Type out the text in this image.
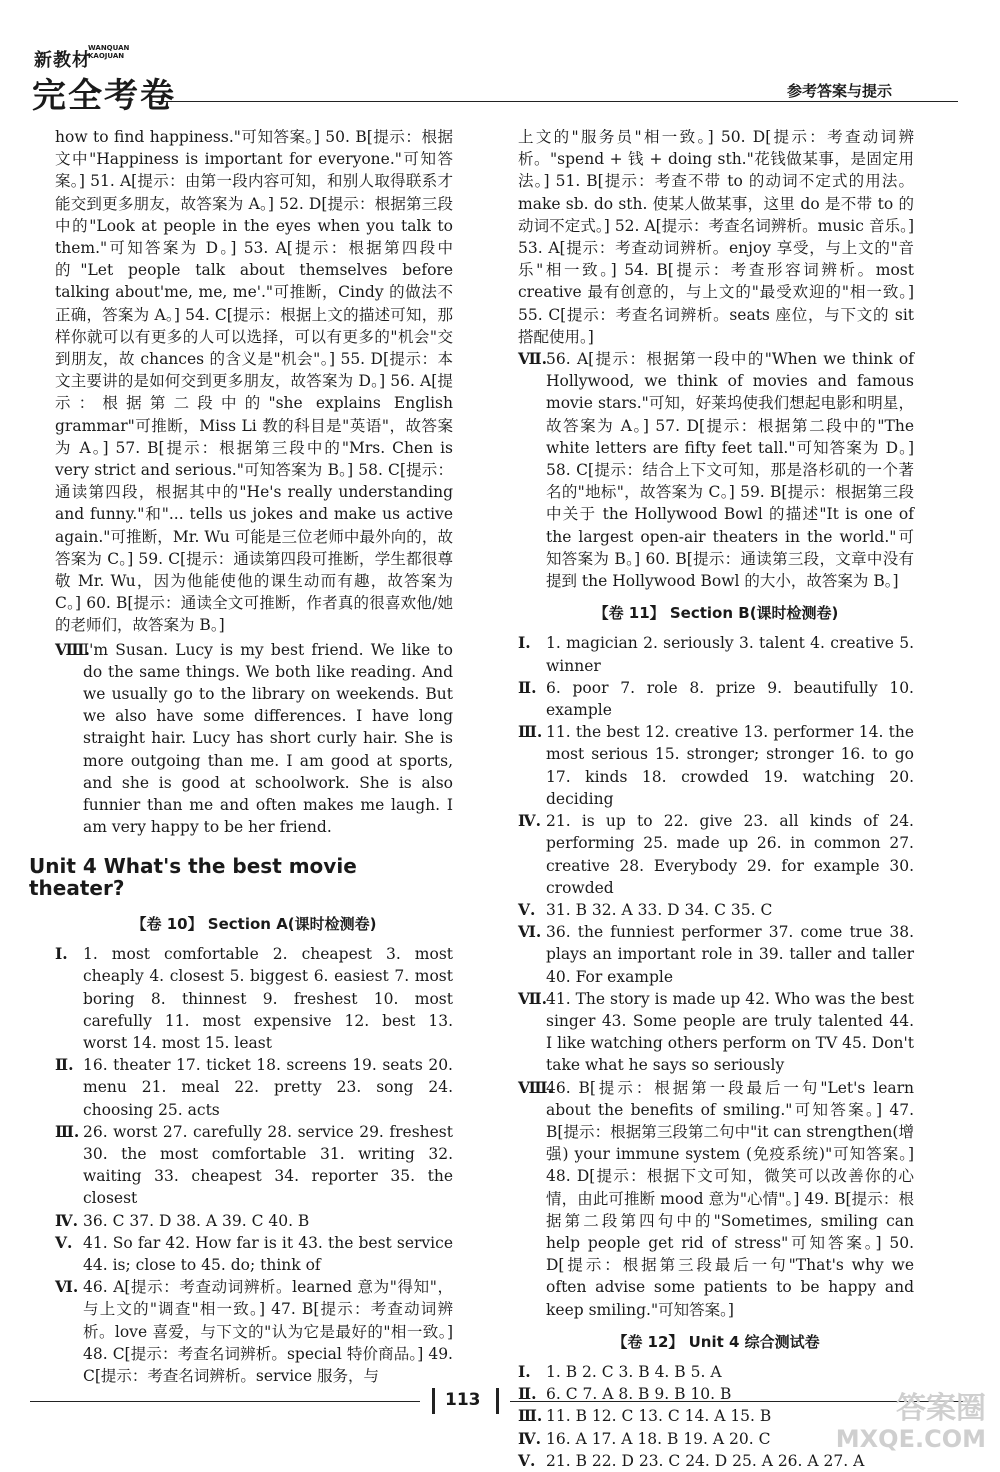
新教材
WANQUAN KAOJUAN
完全考卷	参考答案与提示

how to find happiness."可知答案。] 50. B[提示：根据文中"Happiness is important for everyone."可知答案。] 51. A[提示：由第一段内容可知，和别人取得联系才能交到更多朋友，故答案为 A。] 52. D[提示：根据第三段中的"Look at people in the eyes when you talk to them."可知答案为 D。] 53. A[提示：根据第四段中的"Let people talk about themselves before talking about'me, me, me'."可推断，Cindy 的做法不正确，答案为 A。] 54. C[提示：根据上文的描述可知，那样你就可以有更多的人可以选择，可以有更多的"机会"交到朋友，故 chances 的含义是"机会"。] 55. D[提示：本文主要讲的是如何交到更多朋友，故答案为 D。] 56. A[提示：根据第二段中的"she explains English grammar"可推断，Miss Li 教的科目是"英语"，故答案为 A。] 57. B[提示：根据第三段中的"Mrs. Chen is very strict and serious."可知答案为 B。] 58. C[提示：通读第四段，根据其中的"He's really understanding and funny."和"... tells us jokes and make us active again."可推断，Mr. Wu 可能是三位老师中最外向的，故答案为 C。] 59. C[提示：通读第四段可推断，学生都很尊敬 Mr. Wu，因为他能使他的课生动而有趣，故答案为 C。] 60. B[提示：通读全文可推断，作者真的很喜欢他/她的老师们，故答案为 B。]

Ⅷ.I'm Susan. Lucy is my best friend. We like to do the same things. We both like reading. And we usually go to the library on weekends. But we also have some differences. I have long straight hair. Lucy has short curly hair. She is more outgoing than me. I am good at sports, and she is good at schoolwork. She is also funnier than me and often makes me laugh. I am very happy to be her friend.

Unit 4 What's the best movie theater?
【卷 10】 Section A(课时检测卷)

Ⅰ. 1. most comfortable 2. cheapest 3. most cheaply 4. closest 5. biggest 6. easiest 7. most boring 8. thinnest 9. freshest 10. most carefully 11. most expensive 12. best 13. worst 14. most 15. least

Ⅱ. 16. theater 17. ticket 18. screens 19. seats 20. menu 21. meal 22. pretty 23. song 24. choosing 25. acts

Ⅲ. 26. worst 27. carefully 28. service 29. freshest 30. the most comfortable 31. writing 32. waiting 33. cheapest 34. reporter 35. the closest

Ⅳ. 36. C 37. D 38. A 39. C 40. B

Ⅴ. 41. So far 42. How far is it 43. the best service 44. is; close to 45. do; think of

Ⅵ. 46. A[提示：考查动词辨析。learned 意为"得知"，与上文的"调查"相一致。] 47. B[提示：考查动词辨析。love 喜爱，与下文的"认为它是最好的"相一致。] 48. C[提示：考查名词辨析。special 特价商品。] 49. C[提示：考查名词辨析。service 服务，与

上文的"服务员"相一致。] 50. D[提示：考查动词辨析。"spend + 钱 + doing sth."花钱做某事，是固定用法。] 51. B[提示：考查不带 to 的动词不定式的用法。make sb. do sth. 使某人做某事，这里 do 是不带 to 的动词不定式。] 52. A[提示：考查名词辨析。music 音乐。] 53. A[提示：考查动词辨析。enjoy 享受，与上文的"音乐"相一致。] 54. B[提示：考查形容词辨析。most creative 最有创意的，与上文的"最受欢迎的"相一致。] 55. C[提示：考查名词辨析。seats 座位，与下文的 sit 搭配使用。]

Ⅶ.56. A[提示：根据第一段中的"When we think of Hollywood, we think of movies and famous movie stars."可知，好莱坞使我们想起电影和明星，故答案为 A。] 57. D[提示：根据第二段中的"The white letters are fifty feet tall."可知答案为 D。] 58. C[提示：结合上下文可知，那是洛杉矶的一个著名的"地标"，故答案为 C。] 59. B[提示：根据第三段中关于 the Hollywood Bowl 的描述"It is one of the largest open-air theaters in the world."可知答案为 B。] 60. B[提示：通读第三段，文章中没有提到 the Hollywood Bowl 的大小，故答案为 B。]

【卷 11】 Section B(课时检测卷)

Ⅰ. 1. magician 2. seriously 3. talent 4. creative 5. winner

Ⅱ. 6. poor 7. role 8. prize 9. beautifully 10. example

Ⅲ. 11. the best 12. creative 13. performer 14. the most serious 15. stronger; stronger 16. to go 17. kinds 18. crowded 19. watching 20. deciding

Ⅳ. 21. is up to 22. give 23. all kinds of 24. performing 25. made up 26. in common 27. creative 28. Everybody 29. for example 30. crowded

Ⅴ. 31. B 32. A 33. D 34. C 35. C

Ⅵ. 36. the funniest performer 37. come true 38. plays an important role in 39. taller and taller 40. For example

Ⅶ.41. The story is made up 42. Who was the best singer 43. Some people are truly talented 44. I like watching others perform on TV 45. Don't take what he says so seriously

Ⅷ.46. B[提示：根据第一段最后一句"Let's learn about the benefits of smiling."可知答案。] 47. B[提示：根据第三段第二句中"it can strengthen(增强) your immune system (免疫系统)"可知答案。] 48. D[提示：根据下文可知，微笑可以改善你的心情，由此可推断 mood 意为"心情"。] 49. B[提示：根据第二段第四句中的"Sometimes, smiling can help people get rid of stress"可知答案。] 50. D[提示：根据第三段最后一句"That's why we often advise some patients to be happy and keep smiling."可知答案。]

【卷 12】 Unit 4 综合测试卷

Ⅰ. 1. B 2. C 3. B 4. B 5. A

Ⅱ. 6. C 7. A 8. B 9. B 10. B

Ⅲ. 11. B 12. C 13. C 14. A 15. B

Ⅳ. 16. A 17. A 18. B 19. A 20. C

Ⅴ. 21. B 22. D 23. C 24. D 25. A 26. A 27. A

113	答案圈
MXQE.COM
